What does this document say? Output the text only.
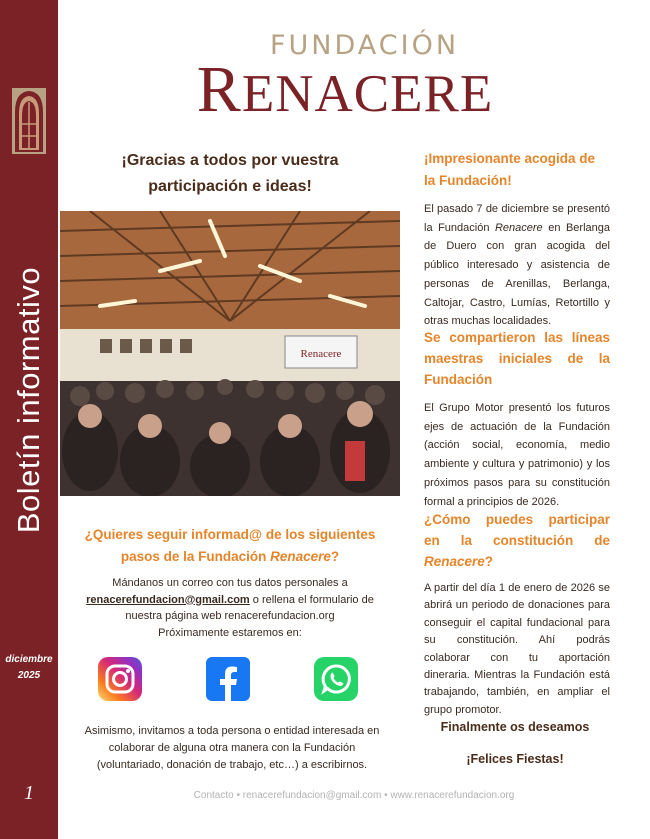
Boletín informativo
diciembre
2025
1
FUNDACIÓN
RENACERE
¡Gracias a todos por vuestra
participación e ideas!
Renacere
¿Quieres seguir informad@ de los siguientes
pasos de la Fundación Renacere?
Mándanos un correo con tus datos personales a
renacerefundacion@gmail.com o rellena el formulario de
nuestra página web renacerefundacion.org
Próximamente estaremos en:
Asimismo, invitamos a toda persona o entidad interesada en
colaborar de alguna otra manera con la Fundación
(voluntariado, donación de trabajo, etc…) a escribirnos.
¡Impresionante acogida de
la Fundación!
El pasado 7 de diciembre se presentó
la Fundación Renacere en Berlanga
de Duero con gran acogida del
público interesado y asistencia de
personas de Arenillas, Berlanga,
Caltojar, Castro, Lumías, Retortillo y
otras muchas localidades.
Se compartieron las líneas
maestras iniciales de la
Fundación
El Grupo Motor presentó los futuros
ejes de actuación de la Fundación
(acción social, economía, medio
ambiente y cultura y patrimonio) y los
próximos pasos para su constitución
formal a principios de 2026.
¿Cómo puedes participar
en la constitución de
Renacere?
A partir del día 1 de enero de 2026 se
abrirá un periodo de donaciones para
conseguir el capital fundacional para
su constitución. Ahí podrás
colaborar con tu aportación
dineraria. Mientras la Fundación está
trabajando, también, en ampliar el
grupo promotor.
Finalmente os deseamos
¡Felices Fiestas!
Contacto • renacerefundacion@gmail.com • www.renacerefundacion.org
